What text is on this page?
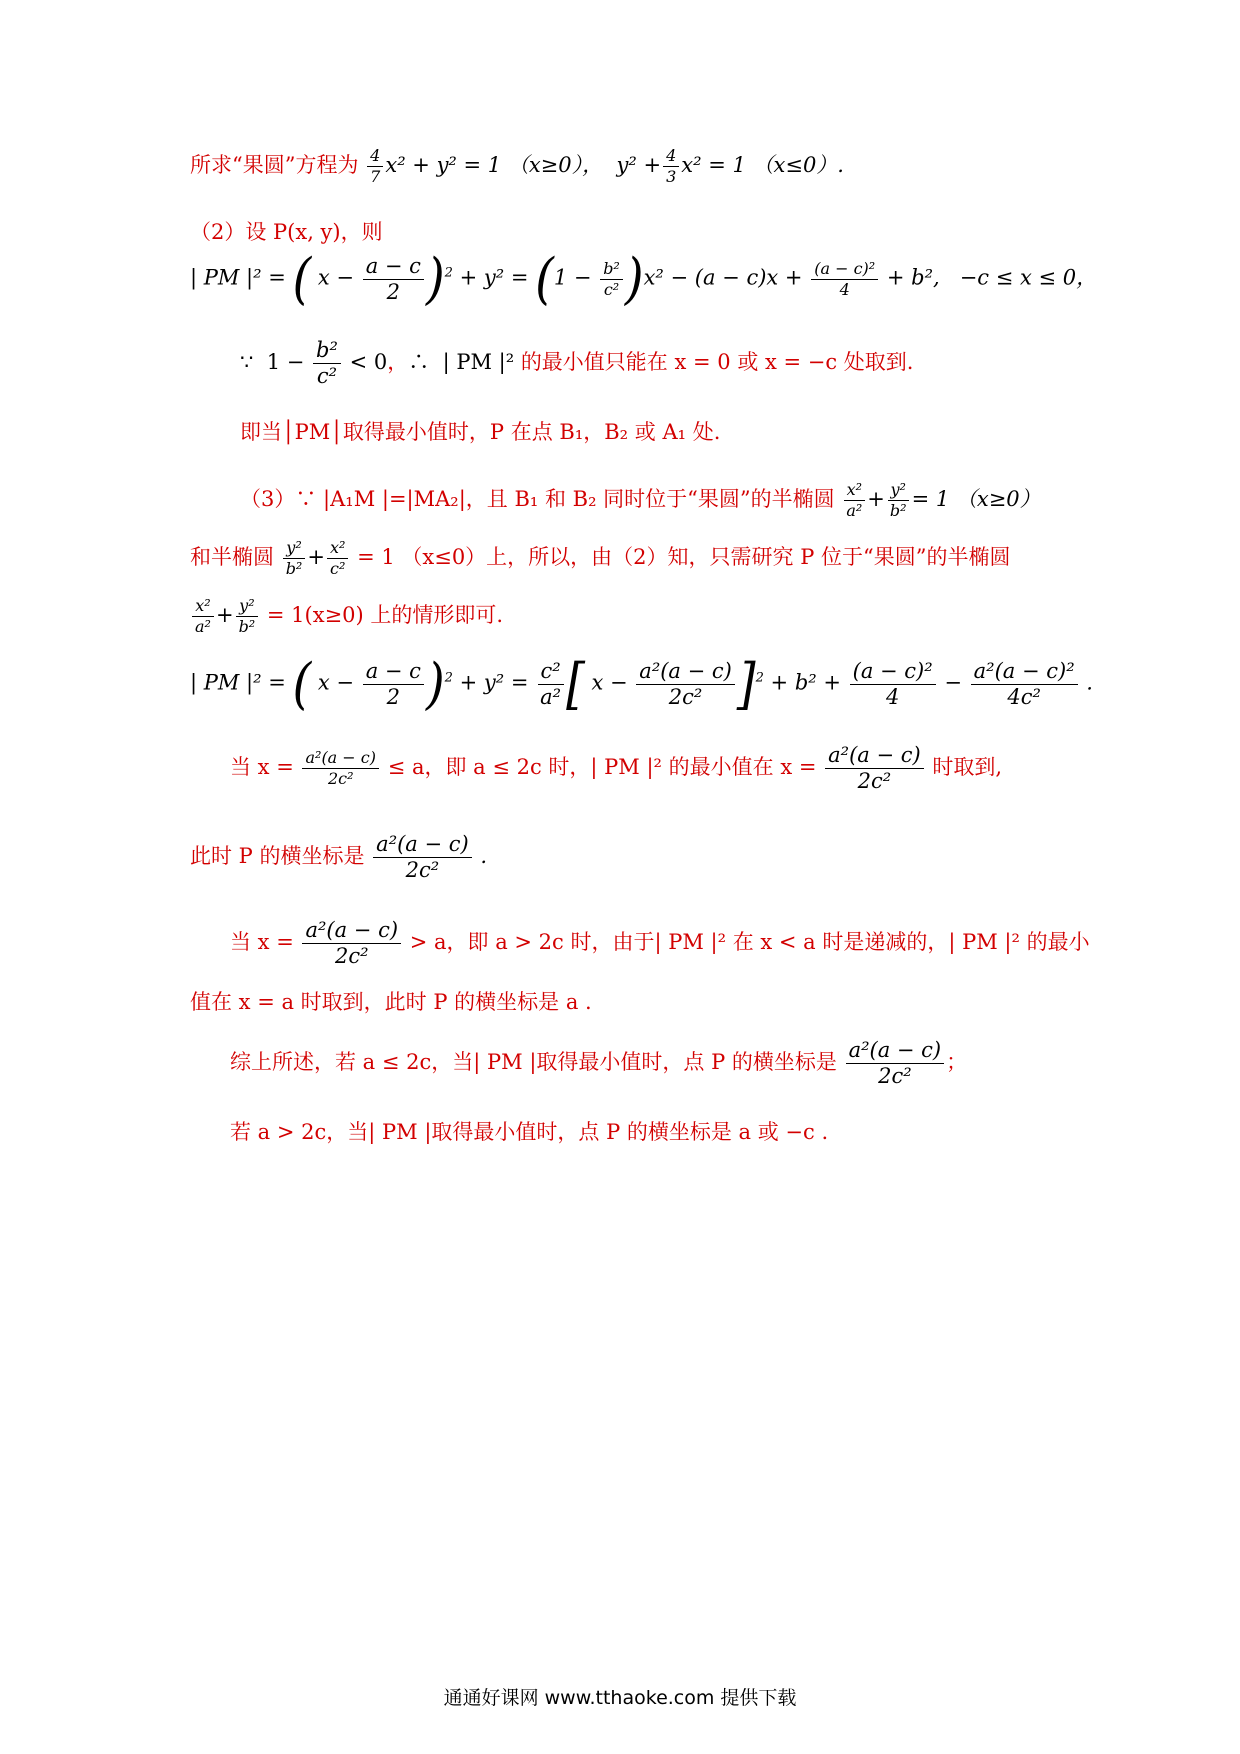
所求“果圆”方程为 $\frac{4}{7} x^2 + y^2 = 1$ （x≥0）， $y^2 + \frac{4}{3} x^2 = 1$ （x≤0）.
（2）设 P(x, y)，则
| PM |² = ( $x - \frac{a - c}{2} )^2 + y^2 = (1 - \frac{\text{b²}}{\text{c²}} )x^2 - (a - c)x + \frac{\text{(a − c)²}}{4} + b^2$,   −c ≤ x ≤ 0，
∵  $1 - \frac{\text{b²}}{\text{c²}} < 0$，∴  | PM |² 的最小值只能在 x = 0 或 x = −c 处取到.
即当│PM│取得最小值时，P 在点 B₁，B₂ 或 A₁ 处.
（3）∵ |A₁M |=|MA₂|，且 B₁ 和 B₂ 同时位于“果圆”的半椭圆 $\frac{\text{x²}}{\text{a²}} + \frac{\text{y²}}{\text{b²}} = 1$ （x≥0）
和半椭圆 $\frac{\text{y²}}{\text{b²}} + \frac{\text{x²}}{\text{c²}} = 1$ （x≤0）上，所以，由（2）知，只需研究 P 位于“果圆”的半椭圆
$\frac{\text{x²}}{\text{a²}} + \frac{\text{y²}}{\text{b²}} = 1(x\ge 0)$ 上的情形即可.
| PM |² = ( $x - \frac{a - c}{2} )^2 + y^2 = \frac{\text{c²}}{\text{a²}}$ [ $x - \frac{\text{a²(a − c)}}{\text{2c²}} ]^2 + b^2 + \frac{\text{(a − c)²}}{4} - \frac{\text{a²(a − c)²}}{\text{4c²}}$ .
当 $x = \frac{\text{a²(a − c)}}{\text{2c²}} \le a$，即 a ≤ 2c 时，| PM |² 的最小值在 $x = \frac{\text{a²(a − c)}}{\text{2c²}}$ 时取到,
此时 P 的横坐标是 $\frac{\text{a²(a − c)}}{\text{2c²}}$ .
当 $x = \frac{\text{a²(a − c)}}{\text{2c²}} > a$，即 a > 2c 时，由于| PM |² 在 x < a 时是递减的，| PM |² 的最小
值在 x = a 时取到，此时 P 的横坐标是 a .
综上所述，若 a ≤ 2c，当| PM |取得最小值时，点 P 的横坐标是 $\frac{\text{a²(a − c)}}{\text{2c²}}$ ；
若 a > 2c，当| PM |取得最小值时，点 P 的横坐标是 a 或 −c .
通通好课网 www.tthaoke.com 提供下载
